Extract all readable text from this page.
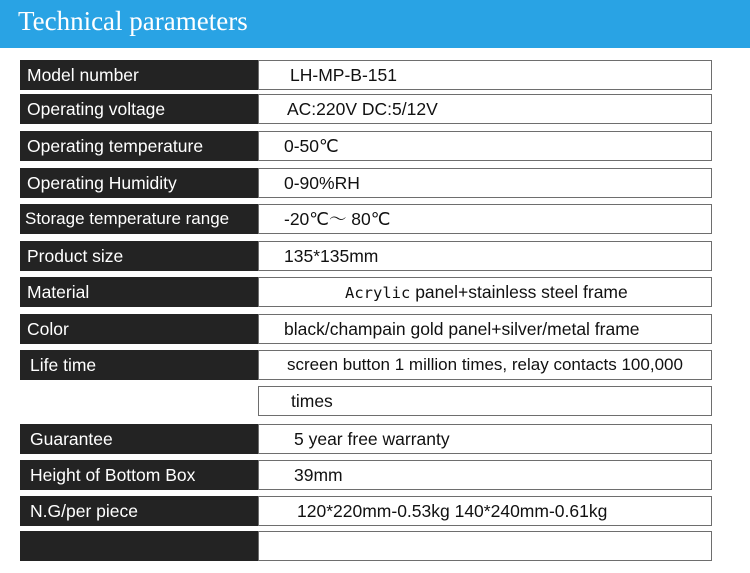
Technical parameters
Model number	LH-MP-B-151
Operating voltage	AC:220V DC:5/12V
Operating temperature	0-50℃
Operating Humidity	0-90%RH
Storage temperature range	-20℃～ 80℃
Product size	135*135mm
Material	Acrylic panel+stainless steel frame
Color	black/champain gold panel+silver/metal frame
Life time	screen button 1 million times, relay contacts 100,000
times
Guarantee	5 year free warranty
Height of Bottom Box	39mm
N.G/per piece	120*220mm-0.53kg 140*240mm-0.61kg
